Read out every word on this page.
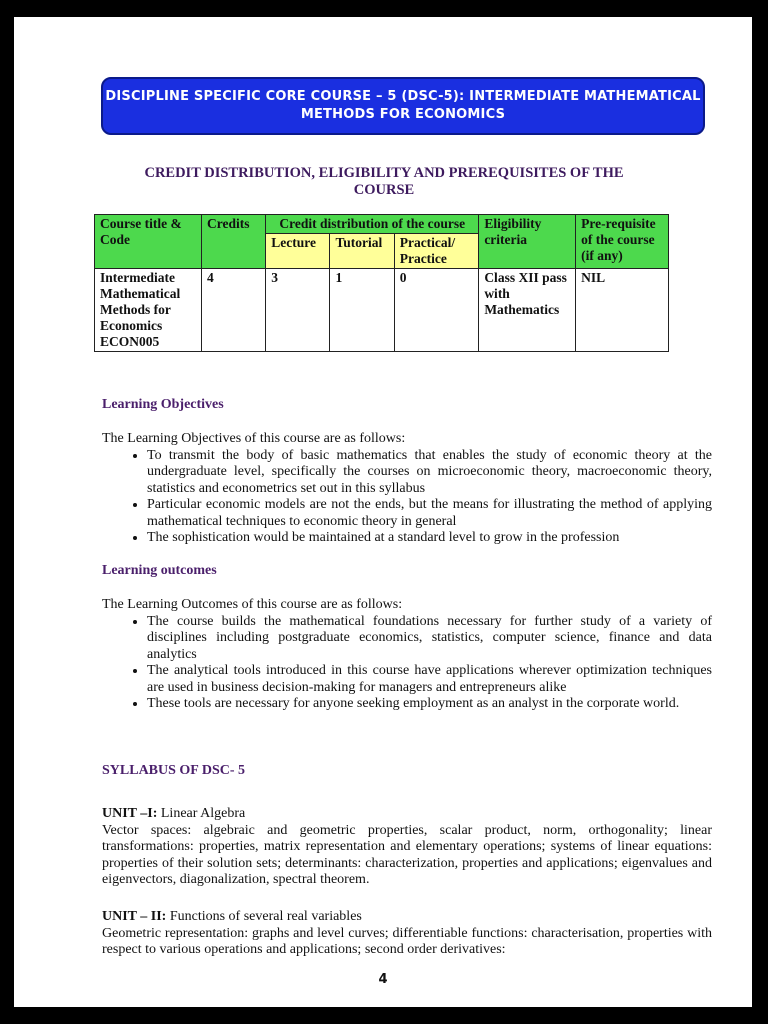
DISCIPLINE SPECIFIC CORE COURSE – 5 (DSC-5): INTERMEDIATE MATHEMATICAL
METHODS FOR ECONOMICS
CREDIT DISTRIBUTION, ELIGIBILITY AND PREREQUISITES OF THE
COURSE
Course title & Code	Credits	Credit distribution of the course			Eligibility criteria	Pre-requisite of the course (if any)
		Lecture	Tutorial	Practical/ Practice		
Intermediate Mathematical Methods for Economics ECON005	4	3	1	0	Class XII pass with Mathematics	NIL
Learning Objectives
The Learning Objectives of this course are as follows:
• To transmit the body of basic mathematics that enables the study of economic theory at the undergraduate level, specifically the courses on microeconomic theory, macroeconomic theory, statistics and econometrics set out in this syllabus
• Particular economic models are not the ends, but the means for illustrating the method of applying mathematical techniques to economic theory in general
• The sophistication would be maintained at a standard level to grow in the profession
Learning outcomes
The Learning Outcomes of this course are as follows:
• The course builds the mathematical foundations necessary for further study of a variety of disciplines including postgraduate economics, statistics, computer science, finance and data analytics
• The analytical tools introduced in this course have applications wherever optimization techniques are used in business decision-making for managers and entrepreneurs alike
• These tools are necessary for anyone seeking employment as an analyst in the corporate world.
SYLLABUS OF DSC- 5
UNIT –I: Linear Algebra
Vector spaces: algebraic and geometric properties, scalar product, norm, orthogonality; linear transformations: properties, matrix representation and elementary operations; systems of linear equations: properties of their solution sets; determinants: characterization, properties and applications; eigenvalues and eigenvectors, diagonalization, spectral theorem.
UNIT – II: Functions of several real variables
Geometric representation: graphs and level curves; differentiable functions: characterisation, properties with respect to various operations and applications; second order derivatives:
4
